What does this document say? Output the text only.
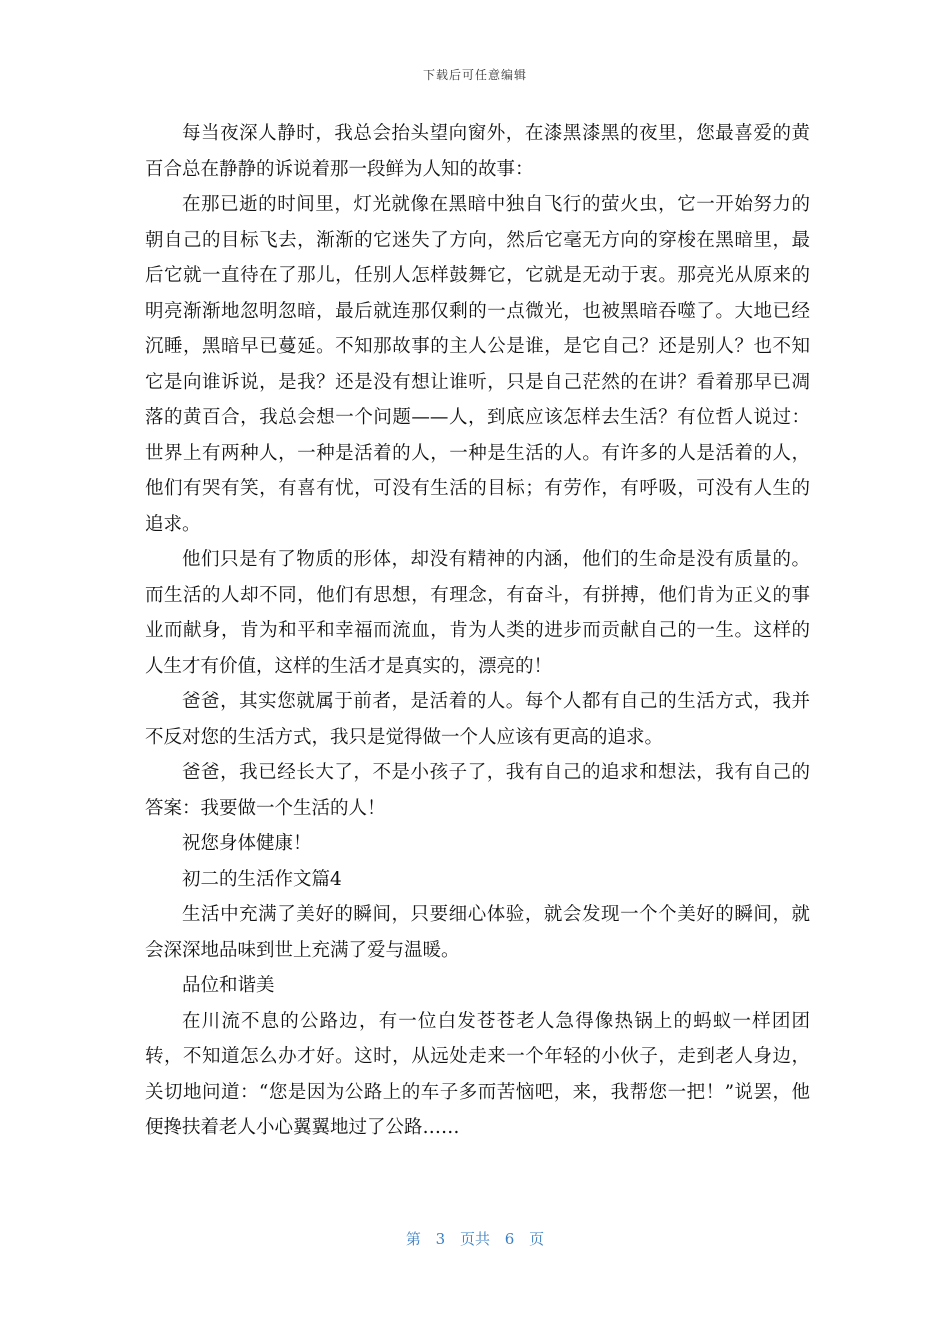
下载后可任意编辑

每当夜深人静时，我总会抬头望向窗外，在漆黑漆黑的夜里，您最喜爱的黄百合总在静静的诉说着那一段鲜为人知的故事：

在那已逝的时间里，灯光就像在黑暗中独自飞行的萤火虫，它一开始努力的朝自己的目标飞去，渐渐的它迷失了方向，然后它毫无方向的穿梭在黑暗里，最后它就一直待在了那儿，任别人怎样鼓舞它，它就是无动于衷。那亮光从原来的明亮渐渐地忽明忽暗，最后就连那仅剩的一点微光，也被黑暗吞噬了。大地已经沉睡，黑暗早已蔓延。不知那故事的主人公是谁，是它自己？还是别人？也不知它是向谁诉说，是我？还是没有想让谁听，只是自己茫然的在讲？看着那早已凋落的黄百合，我总会想一个问题——人，到底应该怎样去生活？有位哲人说过：世界上有两种人，一种是活着的人，一种是生活的人。有许多的人是活着的人，他们有哭有笑，有喜有忧，可没有生活的目标；有劳作，有呼吸，可没有人生的追求。

他们只是有了物质的形体，却没有精神的内涵，他们的生命是没有质量的。而生活的人却不同，他们有思想，有理念，有奋斗，有拼搏，他们肯为正义的事业而献身，肯为和平和幸福而流血，肯为人类的进步而贡献自己的一生。这样的人生才有价值，这样的生活才是真实的，漂亮的！

爸爸，其实您就属于前者，是活着的人。每个人都有自己的生活方式，我并不反对您的生活方式，我只是觉得做一个人应该有更高的追求。

爸爸，我已经长大了，不是小孩子了，我有自己的追求和想法，我有自己的答案：我要做一个生活的人！

祝您身体健康！

初二的生活作文篇4

生活中充满了美好的瞬间，只要细心体验，就会发现一个个美好的瞬间，就会深深地品味到世上充满了爱与温暖。

品位和谐美

在川流不息的公路边，有一位白发苍苍老人急得像热锅上的蚂蚁一样团团转，不知道怎么办才好。这时，从远处走来一个年轻的小伙子，走到老人身边，关切地问道：“您是因为公路上的车子多而苦恼吧，来，我帮您一把！”说罢，他便搀扶着老人小心翼翼地过了公路……

第 3 页共 6 页
